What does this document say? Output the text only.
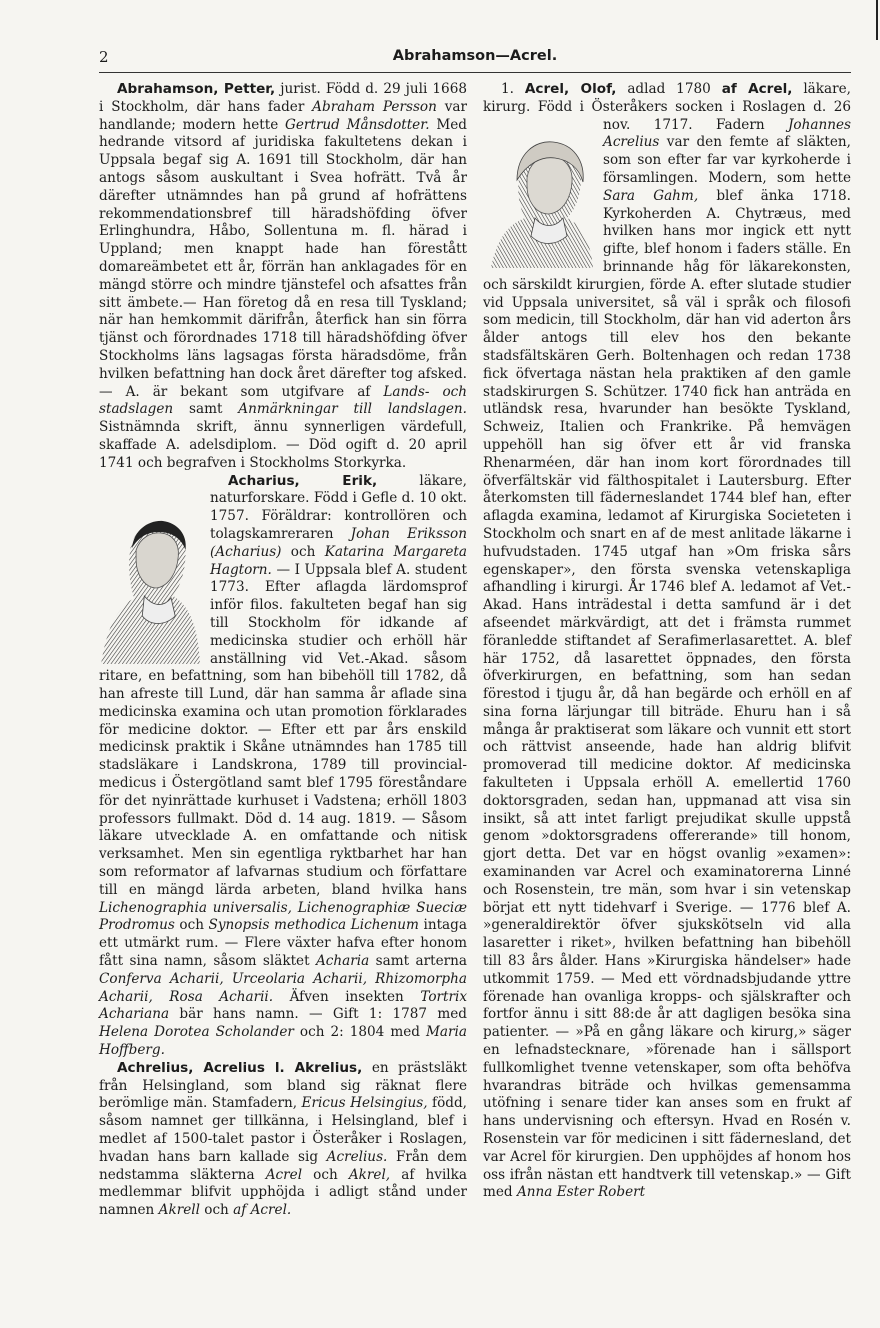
2	Abrahamson—Acrel.

Abrahamson, Petter, jurist. Född d. 29 juli 1668 i Stockholm, där hans fader Abraham Persson var handlande; modern hette Gertrud Månsdotter. Med hedrande vitsord af juridiska fakultetens dekan i Uppsala begaf sig A. 1691 till Stockholm, där han antogs såsom auskultant i Svea hofrätt. Två år därefter utnämndes han på grund af hofrättens rekommendationsbref till häradshöfding öfver Erlinghundra, Håbo, Sollentuna m. fl. härad i Uppland; men knappt hade han förestått domareämbetet ett år, förrän han anklagades för en mängd större och mindre tjänstefel och afsattes från sitt ämbete.— Han företog då en resa till Tyskland; när han hemkommit därifrån, återfick han sin förra tjänst och förordnades 1718 till häradshöfding öfver Stockholms läns lagsagas första häradsdöme, från hvilken befattning han dock året därefter tog afsked. — A. är bekant som utgifvare af Lands- och stadslagen samt Anmärkningar till landslagen. Sistnämnda skrift, ännu synnerligen värdefull, skaffade A. adelsdiplom. — Död ogift d. 20 april 1741 och begrafven i Stockholms Storkyrka.

Acharius, Erik,
läkare, naturforskare. Född i Gefle d. 10 okt. 1757. Föräldrar: kontrollören och tolagskamreraren Johan Eriksson (Acharius) och Katarina Margareta Hagtorn. — I Uppsala blef A. student 1773. Efter aflagda lärdomsprof inför filos. fakulteten begaf han sig till Stockholm för idkande af medicinska studier och erhöll här anställning vid Vet.-Akad. såsom ritare, en befattning, som han bibehöll till 1782, då han afreste till Lund, där han samma år aflade sina medicinska examina och utan promotion förklarades för medicine doktor. — Efter ett par års enskild medicinsk praktik i Skåne utnämndes han 1785 till stadsläkare i Landskrona, 1789 till provincial-medicus i Östergötland samt blef 1795 föreståndare för det nyinrättade kurhuset i Vadstena; erhöll 1803 professors fullmakt. Död d. 14 aug. 1819. — Såsom läkare utvecklade A. en omfattande och nitisk verksamhet. Men sin egentliga ryktbarhet har han som reformator af lafvarnas studium och författare till en mängd lärda arbeten, bland hvilka hans Lichenographia universalis, Lichenographiæ Sueciæ Prodromus och Synopsis methodica Lichenum intaga ett utmärkt rum. — Flere växter hafva efter honom fått sina namn, såsom släktet Acharia samt arterna Conferva Acharii, Urceolaria Acharii, Rhizomorpha Acharii, Rosa Acharii. Äfven insekten Tortrix Achariana bär hans namn. — Gift 1: 1787 med Helena Dorotea Scholander och 2: 1804 med Maria Hoffberg.

Achrelius, Acrelius l. Akrelius, en prästsläkt från Helsingland, som bland sig räknat flere berömlige män. Stamfadern, Ericus Helsingius, född, såsom namnet ger tillkänna, i Helsingland, blef i medlet af 1500-talet pastor i Österåker i Roslagen, hvadan hans barn kallade sig Acrelius. Från dem nedstamma släkterna Acrel och Akrel, af hvilka medlemmar blifvit upphöjda i adligt stånd under namnen Akrell och af Acrel.

1. Acrel, Olof, adlad 1780 af Acrel, läkare, kirurg. Född i Österåkers socken i Roslagen d. 26 nov. 1717. Fadern
Johannes Acrelius var den femte af släkten, som son efter far var kyrkoherde i församlingen. Modern, som hette Sara Gahm, blef änka 1718. Kyrkoherden A. Chytræus, med hvilken hans mor ingick ett nytt gifte, blef honom i faders ställe. En brinnande håg för läkarekonsten, och särskildt kirurgien, förde A. efter slutade studier vid Uppsala universitet, så väl i språk och filosofi som medicin, till Stockholm, där han vid aderton års ålder antogs till elev hos den bekante stadsfältskären Gerh. Boltenhagen och redan 1738 fick öfvertaga nästan hela praktiken af den gamle stadskirurgen S. Schützer. 1740 fick han anträda en utländsk resa, hvarunder han besökte Tyskland, Schweiz, Italien och Frankrike. På hemvägen uppehöll han sig öfver ett år vid franska Rhenarméen, där han inom kort förordnades till öfverfältskär vid fälthospitalet i Lautersburg. Efter återkomsten till fäderneslandet 1744 blef han, efter aflagda examina, ledamot af Kirurgiska Societeten i Stockholm och snart en af de mest anlitade läkarne i hufvudstaden. 1745 utgaf han »Om friska sårs egenskaper», den första svenska vetenskapliga afhandling i kirurgi. År 1746 blef A. ledamot af Vet.-Akad. Hans inträdestal i detta samfund är i det afseendet märkvärdigt, att det i främsta rummet föranledde stiftandet af Serafimerlasarettet. A. blef här 1752, då lasarettet öppnades, den första öfverkirurgen, en befattning, som han sedan förestod i tjugu år, då han begärde och erhöll en af sina forna lärjungar till biträde. Ehuru han i så många år praktiserat som läkare och vunnit ett stort och rättvist anseende, hade han aldrig blifvit promoverad till medicine doktor. Af medicinska fakulteten i Uppsala erhöll A. emellertid 1760 doktorsgraden, sedan han, uppmanad att visa sin insikt, så att intet farligt prejudikat skulle uppstå genom »doktorsgradens offererande» till honom, gjort detta. Det var en högst ovanlig »examen»: examinanden var Acrel och examinatorerna Linné och Rosenstein, tre män, som hvar i sin vetenskap börjat ett nytt tidehvarf i Sverige. — 1776 blef A. »generaldirektör öfver sjukskötseln vid alla lasaretter i riket», hvilken befattning han bibehöll till 83 års ålder. Hans »Kirurgiska händelser» hade utkommit 1759. — Med ett vördnadsbjudande yttre förenade han ovanliga kropps- och själskrafter och fortfor ännu i sitt 88:de år att dagligen besöka sina patienter. — »På en gång läkare och kirurg,» säger en lefnadstecknare, »förenade han i sällsport fullkomlighet tvenne vetenskaper, som ofta behöfva hvarandras biträde och hvilkas gemensamma utöfning i senare tider kan anses som en frukt af hans undervisning och eftersyn. Hvad en Rosén v. Rosenstein var för medicinen i sitt fädernesland, det var Acrel för kirurgien. Den upphöjdes af honom hos oss ifrån nästan ett handtverk till vetenskap.» — Gift med Anna Ester Robert
